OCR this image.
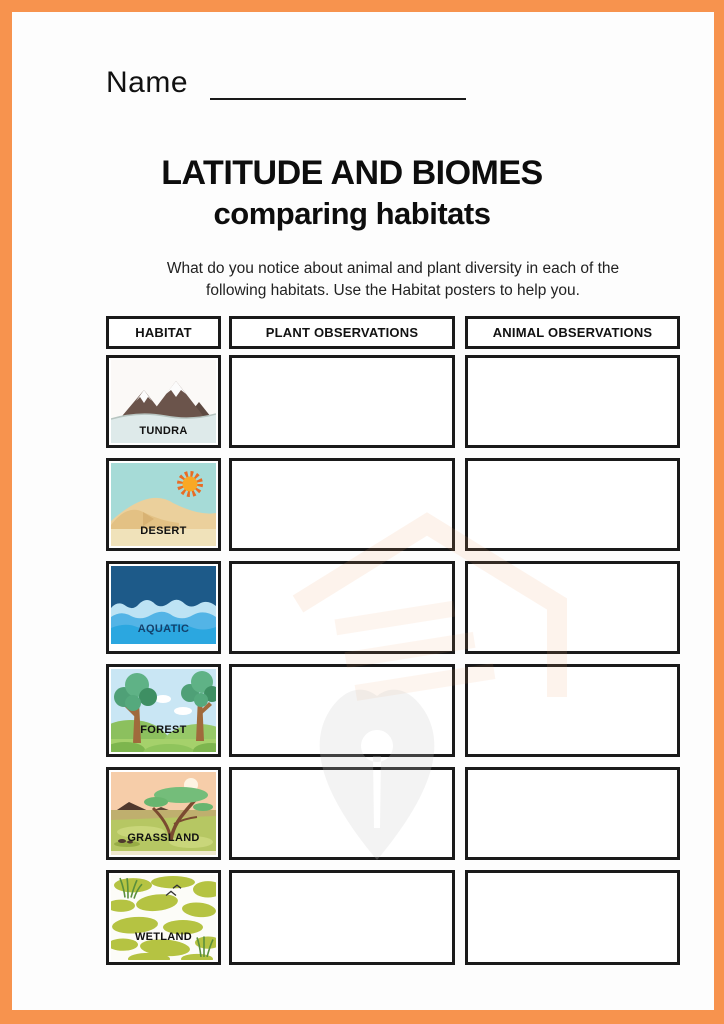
Name
LATITUDE AND BIOMES
comparing habitats
What do you notice about animal and plant diversity in each of the
following habitats. Use the Habitat posters to help you.
HABITAT	PLANT OBSERVATIONS	ANIMAL OBSERVATIONS
TUNDRA
DESERT
AQUATIC
FOREST
GRASSLAND
WETLAND
